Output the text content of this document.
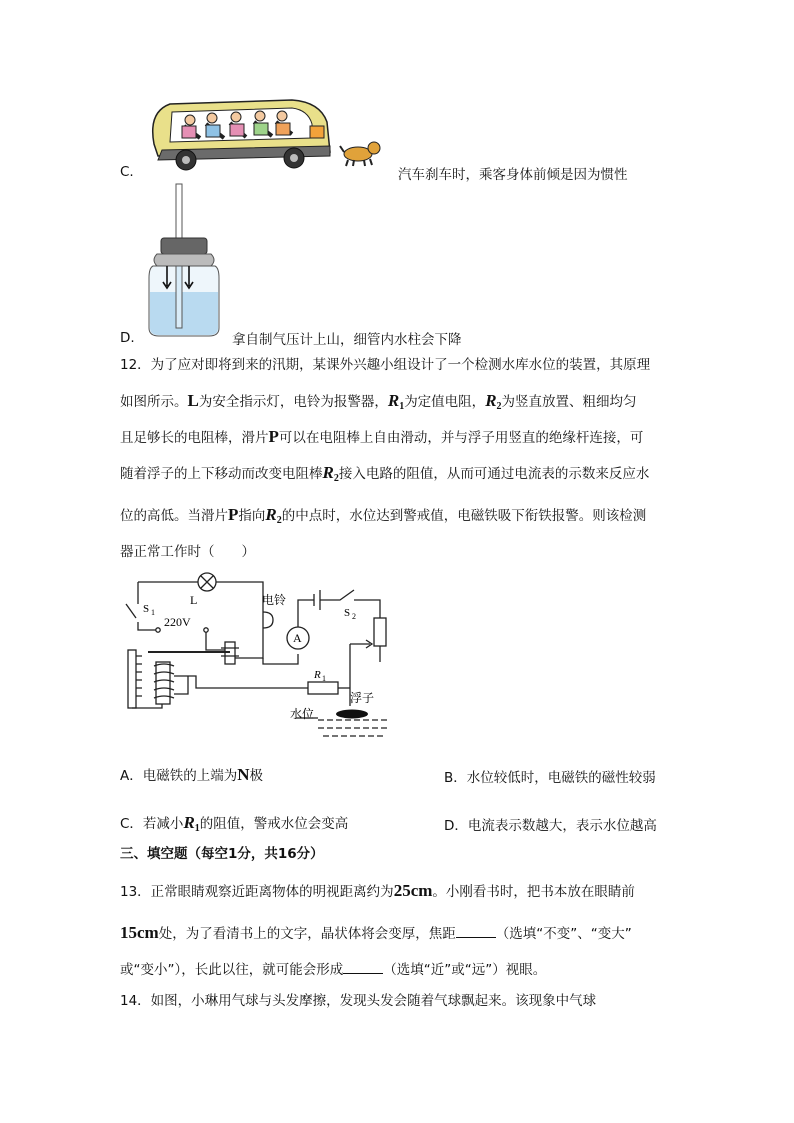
C.	汽车刹车时，乘客身体前倾是因为惯性
D.	拿自制气压计上山，细管内水柱会下降
12．为了应对即将到来的汛期，某课外兴趣小组设计了一个检测水库水位的装置，其原理
如图所示。L为安全指示灯，电铃为报警器，$R_1$为定值电阻，$R_2$为竖直放置、粗细均匀
且足够长的电阻棒，滑片P可以在电阻棒上自由滑动，并与浮子用竖直的绝缘杆连接，可
随着浮子的上下移动而改变电阻棒$R_2$接入电路的阻值，从而可通过电流表的示数来反应水
位的高低。当滑片P指向$R_2$的中点时，水位达到警戒值，电磁铁吸下衔铁报警。则该检测
器正常工作时（　　）
S 1
L
220V
电铃
S 2
A
R 1
浮子
水位
A．电磁铁的上端为N极	B．水位较低时，电磁铁的磁性较弱
C．若减小$R_1$的阻值，警戒水位会变高	D．电流表示数越大，表示水位越高
三、填空题（每空1分，共16分）
13．正常眼睛观察近距离物体的明视距离约为25cm。小刚看书时，把书本放在眼睛前
15cm处，为了看清书上的文字，晶状体将会变厚，焦距	（选填“不变”、“变大”
或“变小”），长此以往，就可能会形成	（选填“近”或“远”）视眼。
14．如图，小琳用气球与头发摩擦，发现头发会随着气球飘起来。该现象中气球
